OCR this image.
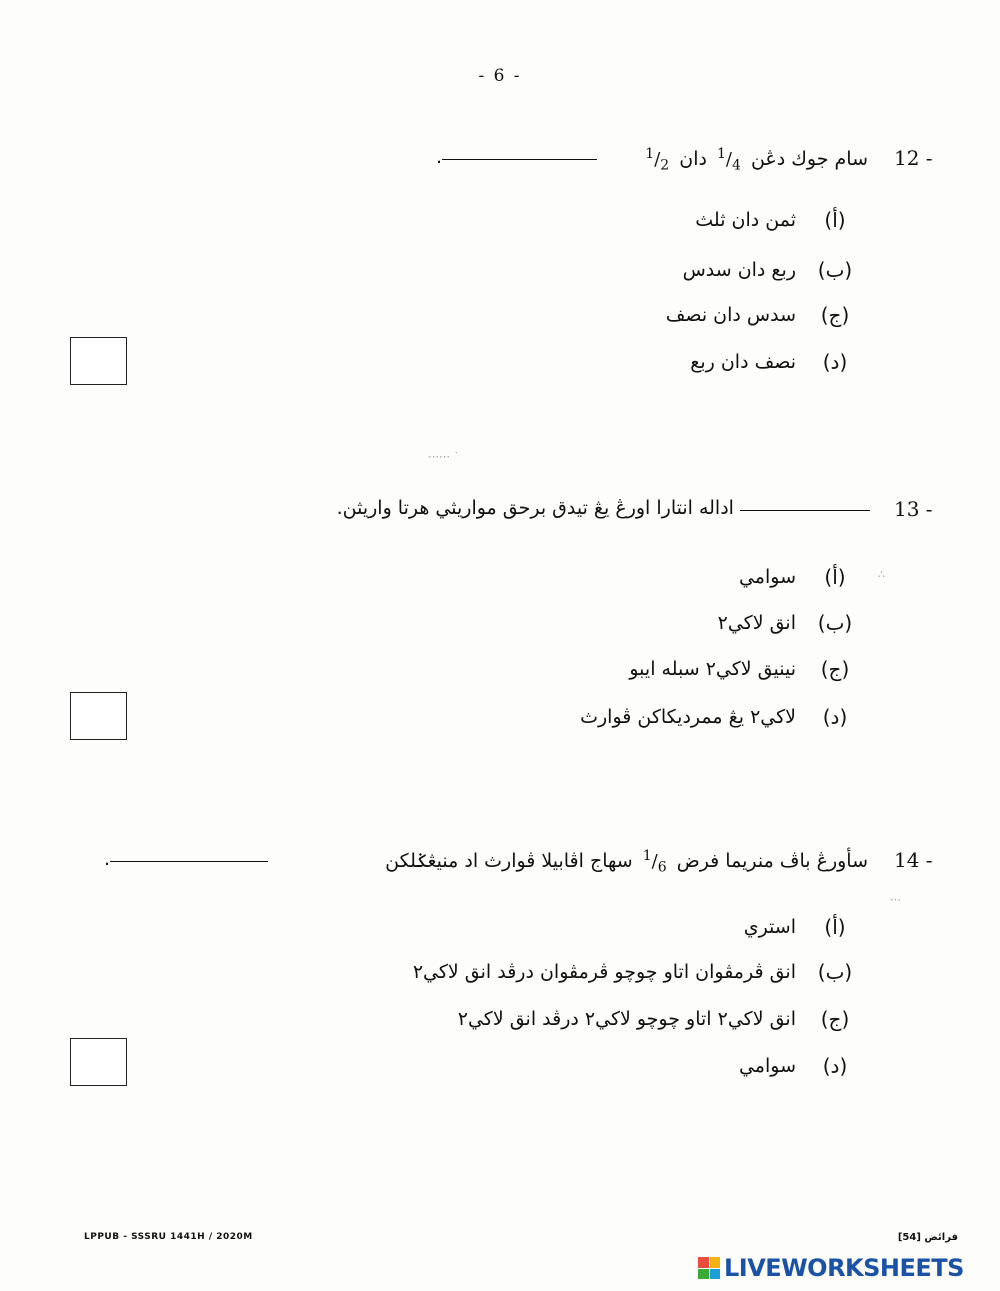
- 6 -
12 -
سام جوك دڠن $^1/_4$ دان $^1/_2$
.
(أ)
ثمن دان ثلث
(ب)
ربع دان سدس
(ج)
سدس دان نصف
(د)
نصف دان ربع
13 -
اداله انتارا اورڠ يڠ تيدق برحق مواريثي هرتا واريثن.
(أ)
سوامي
(ب)
انق لاكي٢
(ج)
نينيق لاكي٢ سبله ايبو
(د)
لاكي٢ يڠ ممرديكاكن ڤوارث
14 -
سأورڠ باڤ منريما فرض $^1/_6$ سهاج اڤابيلا ڤوارث اد منيڠݢلكن
.
(أ)
استري
(ب)
انق ڤرمڤوان اتاو چوچو ڤرمڤوان درڤد انق لاكي٢
(ج)
انق لاكي٢ اتاو چوچو لاكي٢ درڤد انق لاكي٢
(د)
سوامي
⋯⋯ ˙
∴
⋯
LPPUB - SSSRU 1441H / 2020M	فرائض [54]
LIVEWORKSHEETS
